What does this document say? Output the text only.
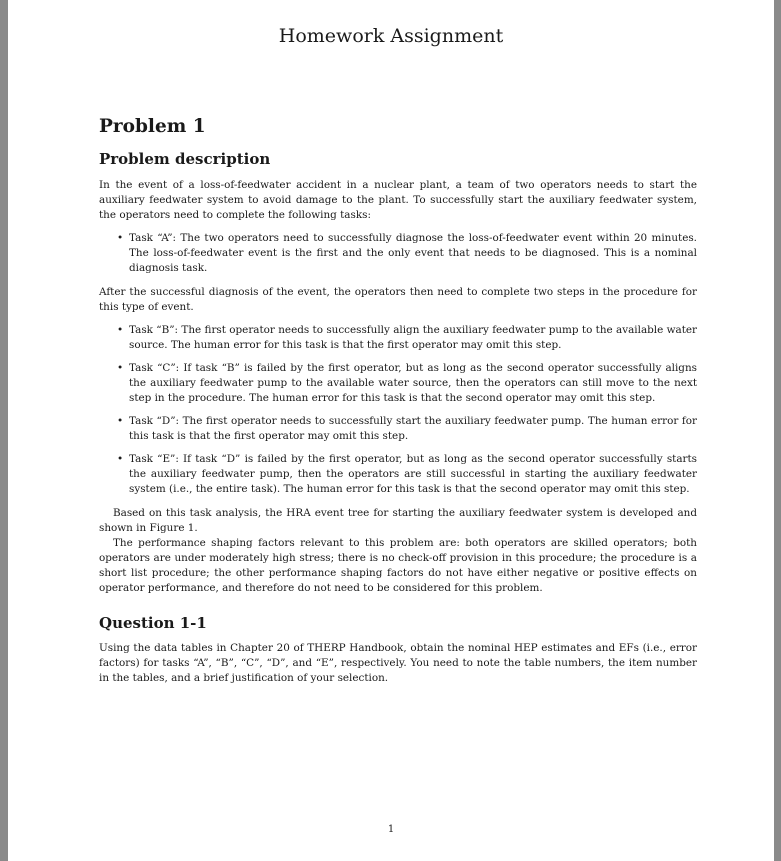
Homework Assignment
Problem 1
Problem description

In the event of a loss-of-feedwater accident in a nuclear plant, a team of two operators needs to start the auxiliary feedwater system to avoid damage to the plant. To successfully start the auxiliary feedwater system, the operators need to complete the following tasks:

• Task “A”: The two operators need to successfully diagnose the loss-of-feedwater event within 20 minutes. The loss-of-feedwater event is the first and the only event that needs to be diagnosed. This is a nominal diagnosis task.

After the successful diagnosis of the event, the operators then need to complete two steps in the procedure for this type of event.

• Task “B”: The first operator needs to successfully align the auxiliary feedwater pump to the available water source. The human error for this task is that the first operator may omit this step.
• Task “C”: If task “B” is failed by the first operator, but as long as the second operator successfully aligns the auxiliary feedwater pump to the available water source, then the operators can still move to the next step in the procedure. The human error for this task is that the second operator may omit this step.
• Task “D”: The first operator needs to successfully start the auxiliary feedwater pump. The human error for this task is that the first operator may omit this step.
• Task “E”: If task “D” is failed by the first operator, but as long as the second operator successfully starts the auxiliary feedwater pump, then the operators are still successful in starting the auxiliary feedwater system (i.e., the entire task). The human error for this task is that the second operator may omit this step.

Based on this task analysis, the HRA event tree for starting the auxiliary feedwater system is developed and shown in Figure 1.

The performance shaping factors relevant to this problem are: both operators are skilled operators; both operators are under moderately high stress; there is no check-off provision in this procedure; the procedure is a short list procedure; the other performance shaping factors do not have either negative or positive effects on operator performance, and therefore do not need to be considered for this problem.

Question 1-1

Using the data tables in Chapter 20 of THERP Handbook, obtain the nominal HEP estimates and EFs (i.e., error factors) for tasks “A”, “B”, “C”, “D”, and “E”, respectively. You need to note the table numbers, the item number in the tables, and a brief justification of your selection.

1
